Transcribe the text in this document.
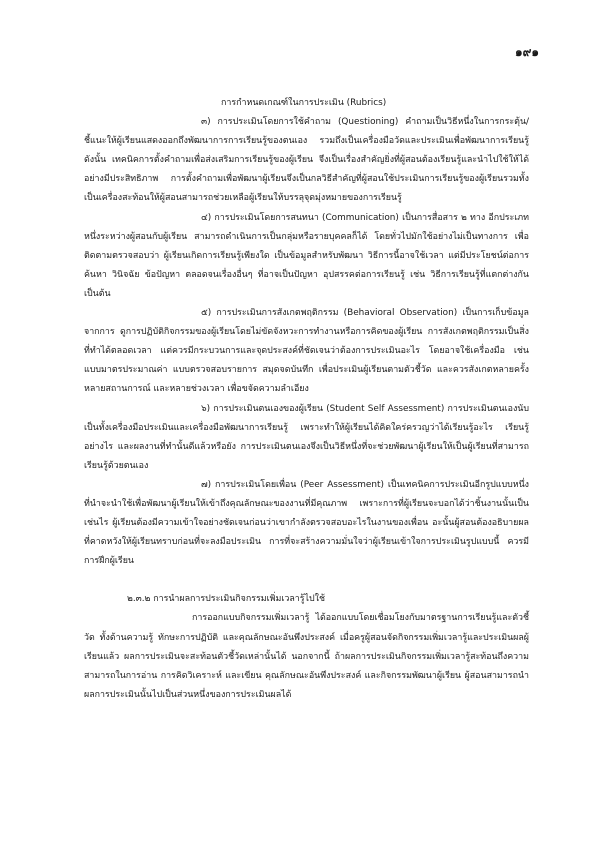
๑๙๑

การกำหนดเกณฑ์ในการประเมิน (Rubrics)

๓) การประเมินโดยการใช้คำถาม (Questioning) คำถามเป็นวิธีหนึ่งในการกระตุ้น/ชี้แนะให้ผู้เรียนแสดงออกถึงพัฒนาการการเรียนรู้ของตนเอง รวมถึงเป็นเครื่องมือวัดและประเมินเพื่อพัฒนาการเรียนรู้ ดังนั้น เทคนิคการตั้งคำถามเพื่อส่งเสริมการเรียนรู้ของผู้เรียน จึงเป็นเรื่องสำคัญยิ่งที่ผู้สอนต้องเรียนรู้และนำไปใช้ให้ได้อย่างมีประสิทธิภาพ การตั้งคำถามเพื่อพัฒนาผู้เรียนจึงเป็นกลวิธีสำคัญที่ผู้สอนใช้ประเมินการเรียนรู้ของผู้เรียนรวมทั้งเป็นเครื่องสะท้อนให้ผู้สอนสามารถช่วยเหลือผู้เรียนให้บรรลุจุดมุ่งหมายของการเรียนรู้

๔) การประเมินโดยการสนทนา (Communication) เป็นการสื่อสาร ๒ ทาง อีกประเภทหนึ่งระหว่างผู้สอนกับผู้เรียน สามารถดำเนินการเป็นกลุ่มหรือรายบุคคลก็ได้ โดยทั่วไปมักใช้อย่างไม่เป็นทางการ เพื่อติดตามตรวจสอบว่า ผู้เรียนเกิดการเรียนรู้เพียงใด เป็นข้อมูลสำหรับพัฒนา วิธีการนี้อาจใช้เวลา แต่มีประโยชน์ต่อการค้นหา วินิจฉัย ข้อปัญหา ตลอดจนเรื่องอื่นๆ ที่อาจเป็นปัญหา อุปสรรคต่อการเรียนรู้ เช่น วิธีการเรียนรู้ที่แตกต่างกัน เป็นต้น

๕) การประเมินการสังเกตพฤติกรรม (Behavioral Observation) เป็นการเก็บข้อมูลจากการ ดูการปฏิบัติกิจกรรมของผู้เรียนโดยไม่ขัดจังหวะการทำงานหรือการคิดของผู้เรียน การสังเกตพฤติกรรมเป็นสิ่ง ที่ทำได้ตลอดเวลา แต่ควรมีกระบวนการและจุดประสงค์ที่ชัดเจนว่าต้องการประเมินอะไร โดยอาจใช้เครื่องมือ เช่น แบบมาตรประมาณค่า แบบตรวจสอบรายการ สมุดจดบันทึก เพื่อประเมินผู้เรียนตามตัวชี้วัด และควรสังเกตหลายครั้ง หลายสถานการณ์ และหลายช่วงเวลา เพื่อขจัดความลำเอียง

๖) การประเมินตนเองของผู้เรียน (Student Self Assessment) การประเมินตนเองนับเป็นทั้งเครื่องมือประเมินและเครื่องมือพัฒนาการเรียนรู้ เพราะทำให้ผู้เรียนได้คิดใคร่ครวญว่าได้เรียนรู้อะไร เรียนรู้อย่างไร และผลงานที่ทำนั้นดีแล้วหรือยัง การประเมินตนเองจึงเป็นวิธีหนึ่งที่จะช่วยพัฒนาผู้เรียนให้เป็นผู้เรียนที่สามารถเรียนรู้ด้วยตนเอง

๗) การประเมินโดยเพื่อน (Peer Assessment) เป็นเทคนิคการประเมินอีกรูปแบบหนึ่งที่นำจะนำใช้เพื่อพัฒนาผู้เรียนให้เข้าถึงคุณลักษณะของงานที่มีคุณภาพ เพราะการที่ผู้เรียนจะบอกได้ว่าชิ้นงานนั้นเป็นเช่นไร ผู้เรียนต้องมีความเข้าใจอย่างชัดเจนก่อนว่าเขากำลังตรวจสอบอะไรในงานของเพื่อน อะนั้นผู้สอนต้องอธิบายผลที่คาดหวังให้ผู้เรียนทราบก่อนที่จะลงมือประเมิน การที่จะสร้างความมั่นใจว่าผู้เรียนเข้าใจการประเมินรูปแบบนี้ ควรมีการฝึกผู้เรียน

๒.๓.๒ การนำผลการประเมินกิจกรรมเพิ่มเวลารู้ไปใช้

การออกแบบกิจกรรมเพิ่มเวลารู้ ได้ออกแบบโดยเชื่อมโยงกับมาตรฐานการเรียนรู้และตัวชี้วัด ทั้งด้านความรู้ ทักษะการปฏิบัติ และคุณลักษณะอันพึงประสงค์ เมื่อครูผู้สอนจัดกิจกรรมเพิ่มเวลารู้และประเมินผลผู้เรียนแล้ว ผลการประเมินจะสะท้อนตัวชี้วัดเหล่านั้นได้ นอกจากนี้ ถ้าผลการประเมินกิจกรรมเพิ่มเวลารู้สะท้อนถึงความสามารถในการอ่าน การคิดวิเคราะห์ และเขียน คุณลักษณะอันพึงประสงค์ และกิจกรรมพัฒนาผู้เรียน ผู้สอนสามารถนำผลการประเมินนั้นไปเป็นส่วนหนึ่งของการประเมินผลได้
